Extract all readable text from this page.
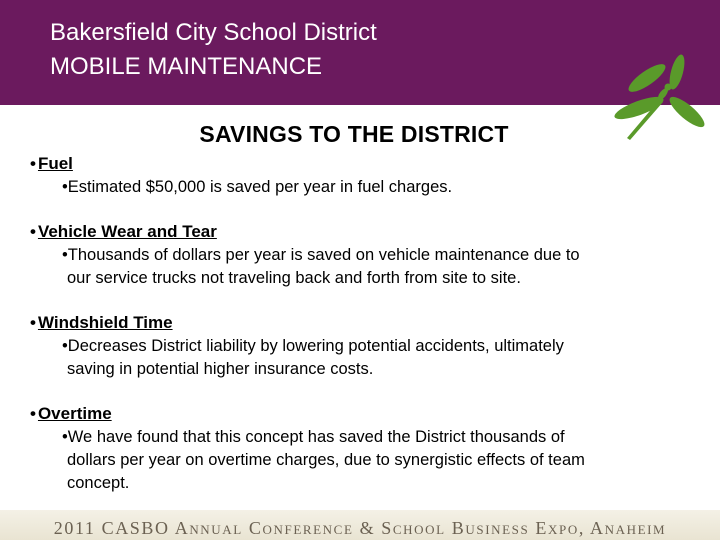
Bakersfield City School District
MOBILE MAINTENANCE
SAVINGS TO THE DISTRICT
• Fuel
•Estimated $50,000 is saved per year in fuel charges.
• Vehicle Wear and Tear
•Thousands of dollars per year is saved on vehicle maintenance due to
our service trucks not traveling back and forth from site to site.
• Windshield Time
•Decreases District liability by lowering potential accidents, ultimately
saving in potential higher insurance costs.
• Overtime
•We have found that this concept has saved the District thousands of
dollars per year on overtime charges, due to synergistic effects of team
concept.
2011 CASBO Annual Conference & School Business Expo, Anaheim
